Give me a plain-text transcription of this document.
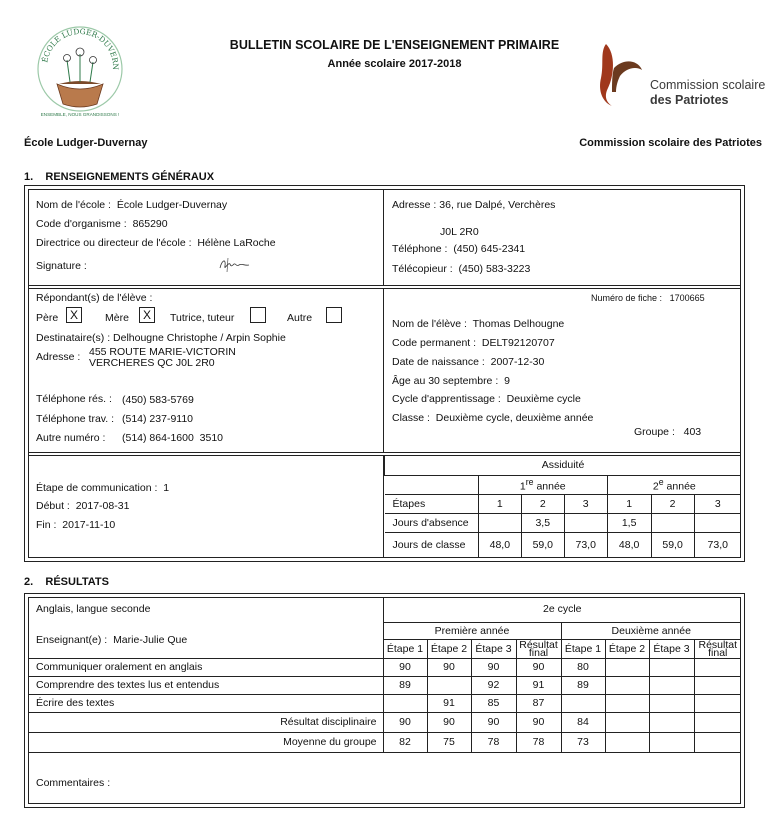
ÉCOLE LUDGER-DUVERN
ENSEMBLE, NOUS GRANDISSONS !
BULLETIN SCOLAIRE DE L'ENSEIGNEMENT PRIMAIRE
Année scolaire 2017-2018
Commission scolaire
des Patriotes
École Ludger-Duvernay	Commission scolaire des Patriotes
1.    RENSEIGNEMENTS GÉNÉRAUX
Nom de l'école : École Ludger-Duvernay
Code d'organisme : 865290
Directrice ou directeur de l'école : Hélène LaRoche
Signature :
Adresse : 36, rue Dalpé, Verchères
J0L 2R0
Téléphone : (450) 645-2341
Télécopieur : (450) 583-3223
Répondant(s) de l'élève :
Père X	Mère	X	Tutrice, tuteur	Autre
Destinataire(s) : Delhougne Christophe / Arpin Sophie
Adresse : 455 ROUTE MARIE-VICTORIN
VERCHERES QC J0L 2R0
Téléphone rés. : (450) 583-5769
Téléphone trav. : (514) 237-9110
Autre numéro : (514) 864-1600  3510
Numéro de fiche : 1700665
Nom de l'élève : Thomas Delhougne
Code permanent : DELT92120707
Date de naissance : 2007-12-30
Âge au 30 septembre : 9
Cycle d'apprentissage : Deuxième cycle
Classe : Deuxième cycle, deuxième année
Groupe : 403
Étape de communication : 1
Début : 2017-08-31
Fin : 2017-11-10
Assiduité						
	1re année			2e année		
Étapes	1	2	3	1	2	3
Jours d'absence		3,5		1,5		
Jours de classe	48,0	59,0	73,0	48,0	59,0	73,0
2.    RÉSULTATS
Anglais, langue seconde
Enseignant(e) : Marie-Julie Que
	2e cycle							
	Première année				Deuxième année			
	Étape 1	Étape 2	Étape 3	Résultat final	Étape 1	Étape 2	Étape 3	Résultat final
Communiquer oralement en anglais	90	90	90	90	80			
Comprendre des textes lus et entendus	89		92	91	89			
Écrire des textes		91	85	87				
Résultat disciplinaire	90	90	90	90	84			
Moyenne du groupe	82	75	78	78	73			
Commentaires :
